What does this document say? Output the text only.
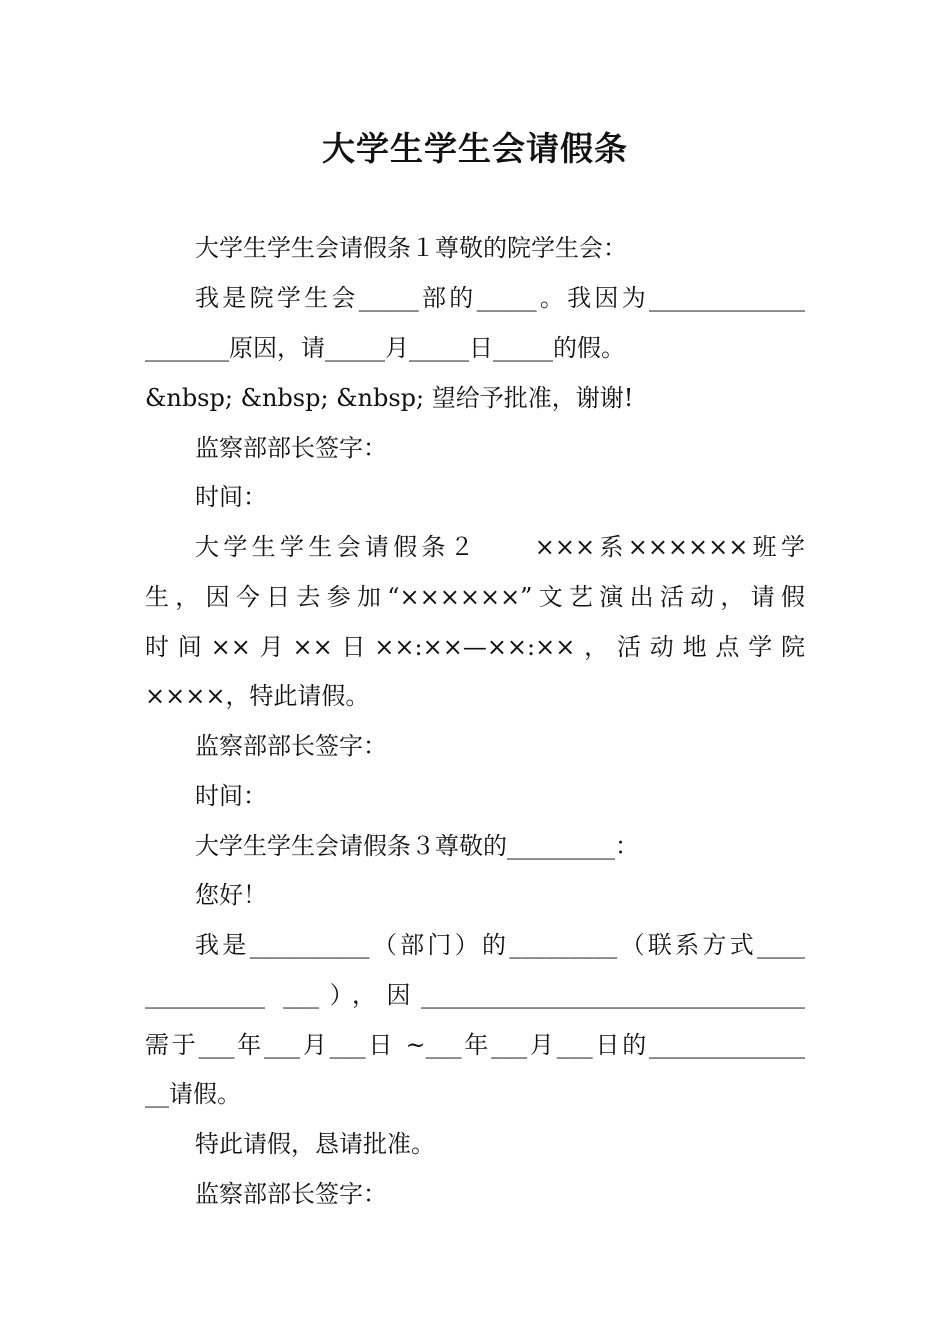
大学生学生会请假条
大学生学生会请假条１尊敬的院学生会：
我是院学生会_____部的_____。我因为_____________
_______原因，请_____月_____日_____的假。
&nbsp; &nbsp; &nbsp; 望给予批准，谢谢!
监察部部长签字：
时间：
大学生学生会请假条２　　×××系××××××班学
生，因今日去参加“××××××”文艺演出活动，请假
时间××月××日××:××—××:××，活动地点学院
××××，特此请假。
监察部部长签字：
时间：
大学生学生会请假条３尊敬的_________：
您好！
我是__________（部门）的_________（联系方式____
__________ ___），因________________________________
需于___年___月___日 ~___年___月___日的_____________
__请假。
特此请假，恳请批准。
监察部部长签字：
